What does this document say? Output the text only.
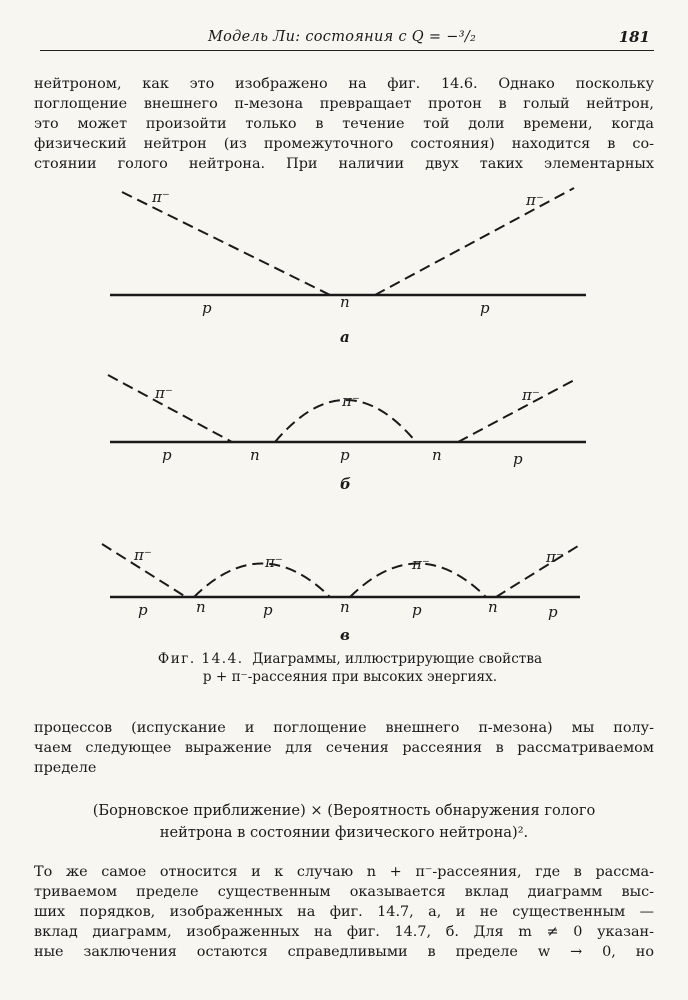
Модель Ли: состояния с Q = −³/₂	181
нейтроном, как это изображено на фиг. 14.6. Однако поскольку
поглощение внешнего π-мезона превращает протон в голый нейтрон,
это может произойти только в течение той доли времени, когда
физический нейтрон (из промежуточного состояния) находится в со-
стоянии голого нейтрона. При наличии двух таких элементарных
π⁻	π⁻
p	n	p
а
π⁻	π⁻	π⁻
p	n	p	n	p
б
π⁻	π⁻	π⁻	π⁻
p	n	p	n	p	n	p
в
Фиг. 14.4. Диаграммы, иллюстрирующие свойства
p + π⁻-рассеяния при высоких энергиях.
процессов (испускание и поглощение внешнего π-мезона) мы полу-
чаем следующее выражение для сечения рассеяния в рассматриваемом
пределе
(Борновское приближение) × (Вероятность обнаружения голого
нейтрона в состоянии физического нейтрона)².
То же самое относится и к случаю n + π⁻-рассеяния, где в рассма-
триваемом пределе существенным оказывается вклад диаграмм выс-
ших порядков, изображенных на фиг. 14.7, а, и не существенным —
вклад диаграмм, изображенных на фиг. 14.7, б. Для m ≠ 0 указан-
ные заключения остаются справедливыми в пределе w → 0, но
